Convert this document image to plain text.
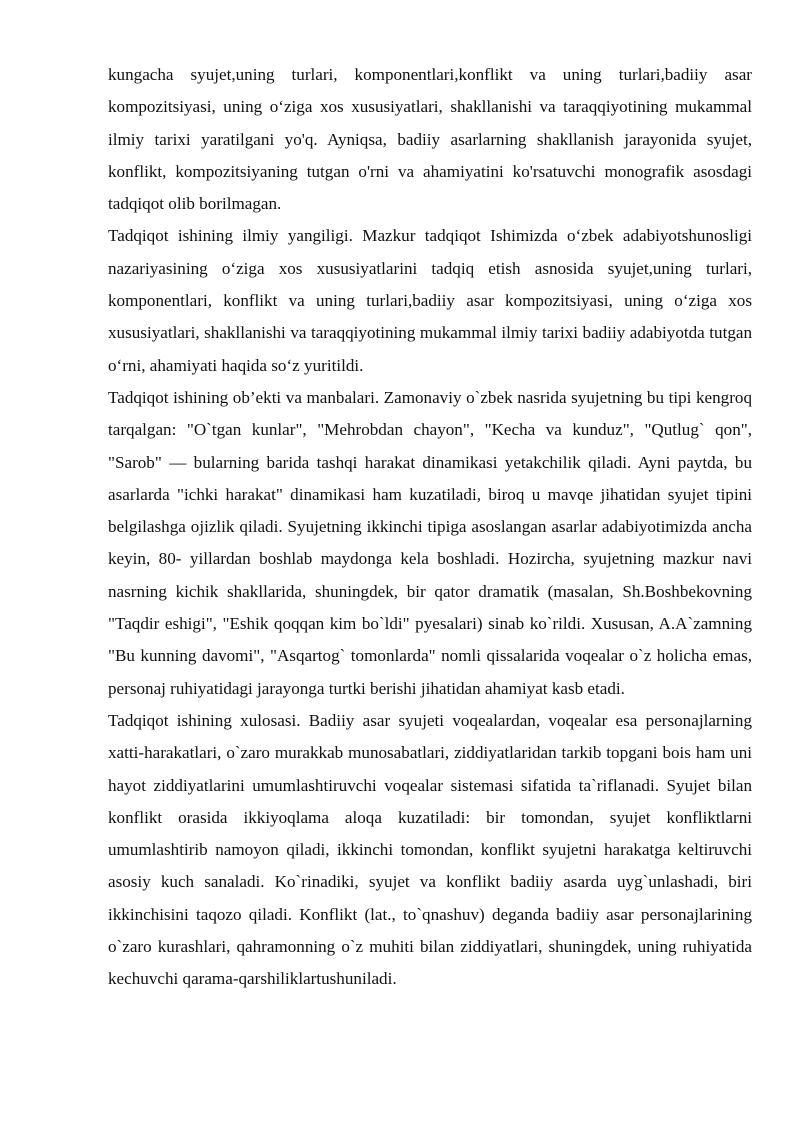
kungacha syujet,uning turlari, komponentlari,konflikt va uning turlari,badiiy asar kompozitsiyasi, uning o‘ziga xos xususiyatlari, shakllanishi va taraqqiyotining mukammal ilmiy tarixi yaratilgani yo'q. Ayniqsa, badiiy asarlarning shakllanish jarayonida syujet, konflikt, kompozitsiyaning tutgan o'rni va ahamiyatini ko'rsatuvchi monografik asosdagi tadqiqot olib borilmagan.

Tadqiqot ishining ilmiy yangiligi. Mazkur tadqiqot Ishimizda o‘zbek adabiyotshunosligi nazariyasining o‘ziga xos xususiyatlarini tadqiq etish asnosida syujet,uning turlari, komponentlari, konflikt va uning turlari,badiiy asar kompozitsiyasi, uning o‘ziga xos xususiyatlari, shakllanishi va taraqqiyotining mukammal ilmiy tarixi badiiy adabiyotda tutgan o‘rni, ahamiyati haqida so‘z yuritildi.

Tadqiqot ishining ob’ekti va manbalari. Zamonaviy o`zbek nasrida syujetning bu tipi kengroq tarqalgan: "O`tgan kunlar", "Mehrobdan chayon", "Kecha va kunduz", "Qutlug` qon", "Sarob" — bularning barida tashqi harakat dinamikasi yetakchilik qiladi. Ayni paytda, bu asarlarda "ichki harakat" dinamikasi ham kuzatiladi, biroq u mavqe jihatidan syujet tipini belgilashga ojizlik qiladi. Syujetning ikkinchi tipiga asoslangan asarlar adabiyotimizda ancha keyin, 80- yillardan boshlab maydonga kela boshladi. Hozircha, syujetning mazkur navi nasrning kichik shakllarida, shuningdek, bir qator dramatik (masalan, Sh.Boshbekovning "Taqdir eshigi", "Eshik qoqqan kim bo`ldi" pyesalari) sinab ko`rildi. Xususan, A.A`zamning "Bu kunning davomi", "Asqartog` tomonlarda" nomli qissalarida voqealar o`z holicha emas, personaj ruhiyatidagi jarayonga turtki berishi jihatidan ahamiyat kasb etadi.

Tadqiqot ishining xulosasi. Badiiy asar syujeti voqealardan, voqealar esa personajlarning xatti-harakatlari, o`zaro murakkab munosabatlari, ziddiyatlaridan tarkib topgani bois ham uni hayot ziddiyatlarini umumlashtiruvchi voqealar sistemasi sifatida ta`riflanadi. Syujet bilan konflikt orasida ikkiyoqlama aloqa kuzatiladi: bir tomondan, syujet konfliktlarni umumlashtirib namoyon qiladi, ikkinchi tomondan, konflikt syujetni harakatga keltiruvchi asosiy kuch sanaladi. Ko`rinadiki, syujet va konflikt badiiy asarda uyg`unlashadi, biri ikkinchisini taqozo qiladi. Konflikt (lat., to`qnashuv) deganda badiiy asar personajlarining o`zaro kurashlari, qahramonning o`z muhiti bilan ziddiyatlari, shuningdek, uning ruhiyatida kechuvchi qarama-qarshiliklartushuniladi.
